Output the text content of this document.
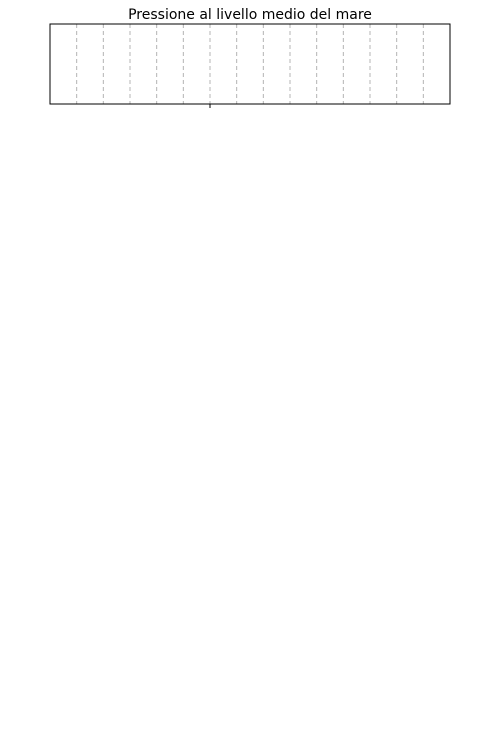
Pressione al livello medio del mare
